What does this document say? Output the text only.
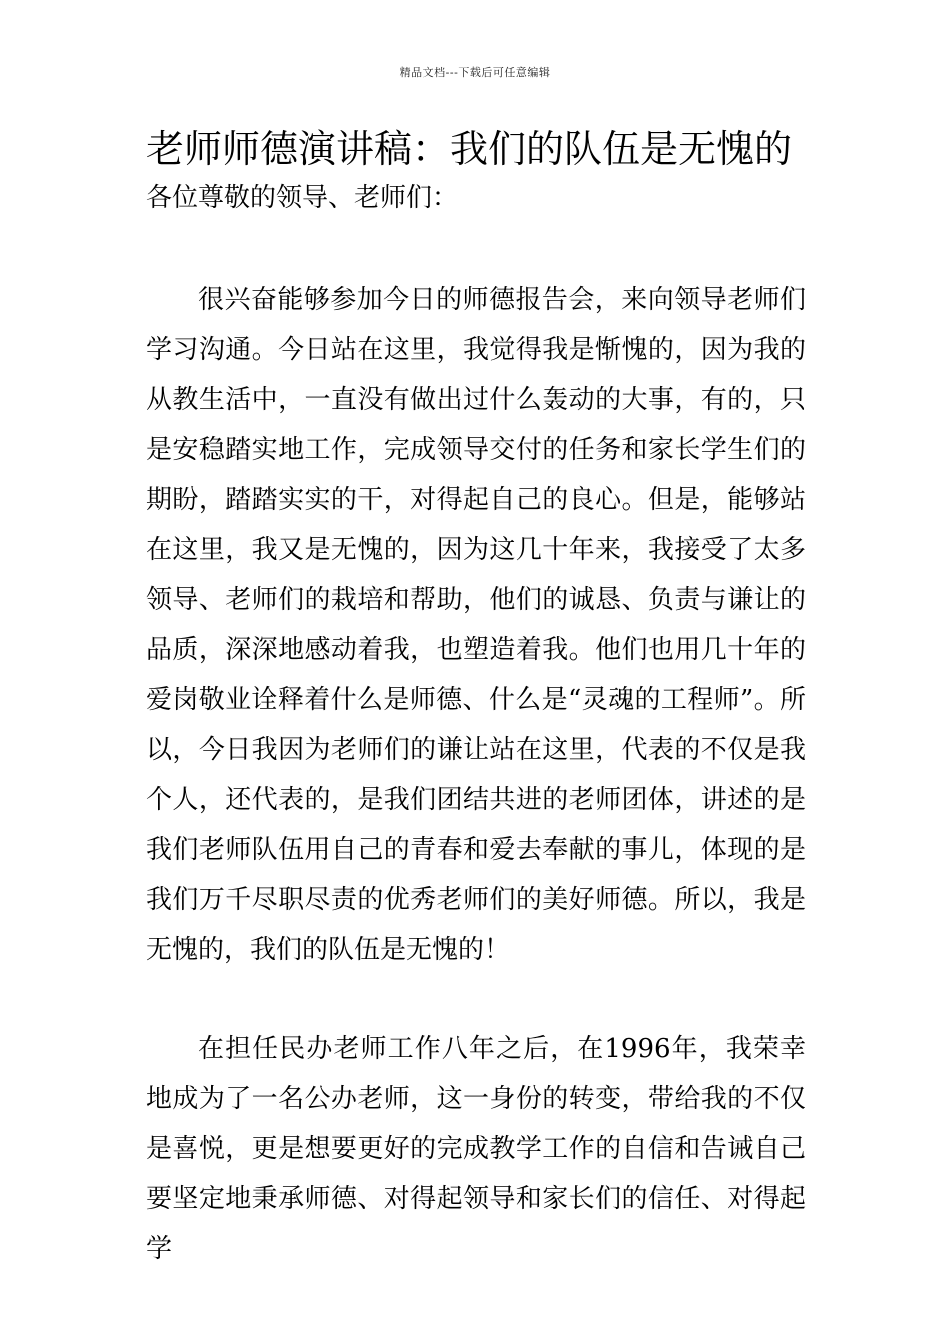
精品文档---下载后可任意编辑
老师师德演讲稿：我们的队伍是无愧的
各位尊敬的领导、老师们：

很兴奋能够参加今日的师德报告会，来向领导老师们学习沟通。今日站在这里，我觉得我是惭愧的，因为我的从教生活中，一直没有做出过什么轰动的大事，有的，只是安稳踏实地工作，完成领导交付的任务和家长学生们的期盼，踏踏实实的干，对得起自己的良心。但是，能够站在这里，我又是无愧的，因为这几十年来，我接受了太多领导、老师们的栽培和帮助，他们的诚恳、负责与谦让的品质，深深地感动着我，也塑造着我。他们也用几十年的爱岗敬业诠释着什么是师德、什么是“灵魂的工程师”。所以，今日我因为老师们的谦让站在这里，代表的不仅是我个人，还代表的，是我们团结共进的老师团体，讲述的是我们老师队伍用自己的青春和爱去奉献的事儿，体现的是我们万千尽职尽责的优秀老师们的美好师德。所以，我是无愧的，我们的队伍是无愧的！

在担任民办老师工作八年之后，在1996年，我荣幸地成为了一名公办老师，这一身份的转变，带给我的不仅是喜悦，更是想要更好的完成教学工作的自信和告诫自己要坚定地秉承师德、对得起领导和家长们的信任、对得起学
